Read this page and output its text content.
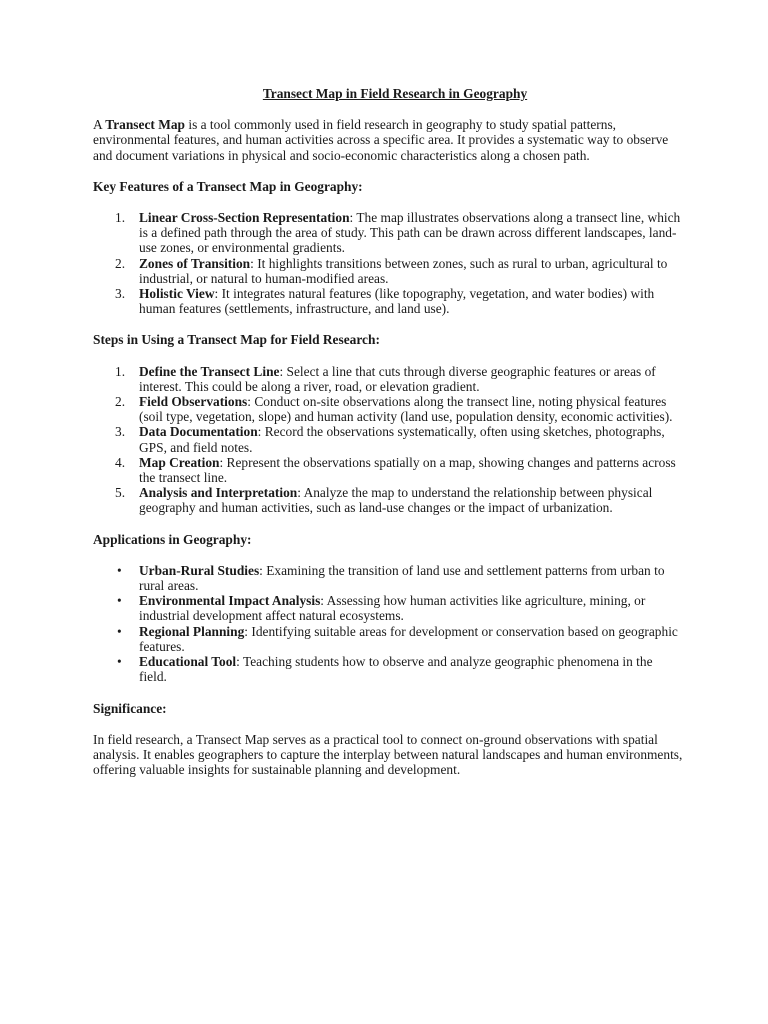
Transect Map in Field Research in Geography

A Transect Map is a tool commonly used in field research in geography to study spatial patterns, environmental features, and human activities across a specific area. It provides a systematic way to observe and document variations in physical and socio-economic characteristics along a chosen path.

Key Features of a Transect Map in Geography:

1. Linear Cross-Section Representation: The map illustrates observations along a transect line, which is a defined path through the area of study. This path can be drawn across different landscapes, land-use zones, or environmental gradients.
2. Zones of Transition: It highlights transitions between zones, such as rural to urban, agricultural to industrial, or natural to human-modified areas.
3. Holistic View: It integrates natural features (like topography, vegetation, and water bodies) with human features (settlements, infrastructure, and land use).

Steps in Using a Transect Map for Field Research:

1. Define the Transect Line: Select a line that cuts through diverse geographic features or areas of interest. This could be along a river, road, or elevation gradient.
2. Field Observations: Conduct on-site observations along the transect line, noting physical features (soil type, vegetation, slope) and human activity (land use, population density, economic activities).
3. Data Documentation: Record the observations systematically, often using sketches, photographs, GPS, and field notes.
4. Map Creation: Represent the observations spatially on a map, showing changes and patterns across the transect line.
5. Analysis and Interpretation: Analyze the map to understand the relationship between physical geography and human activities, such as land-use changes or the impact of urbanization.

Applications in Geography:

• Urban-Rural Studies: Examining the transition of land use and settlement patterns from urban to rural areas.
• Environmental Impact Analysis: Assessing how human activities like agriculture, mining, or industrial development affect natural ecosystems.
• Regional Planning: Identifying suitable areas for development or conservation based on geographic features.
• Educational Tool: Teaching students how to observe and analyze geographic phenomena in the field.

Significance:

In field research, a Transect Map serves as a practical tool to connect on-ground observations with spatial analysis. It enables geographers to capture the interplay between natural landscapes and human environments, offering valuable insights for sustainable planning and development.
